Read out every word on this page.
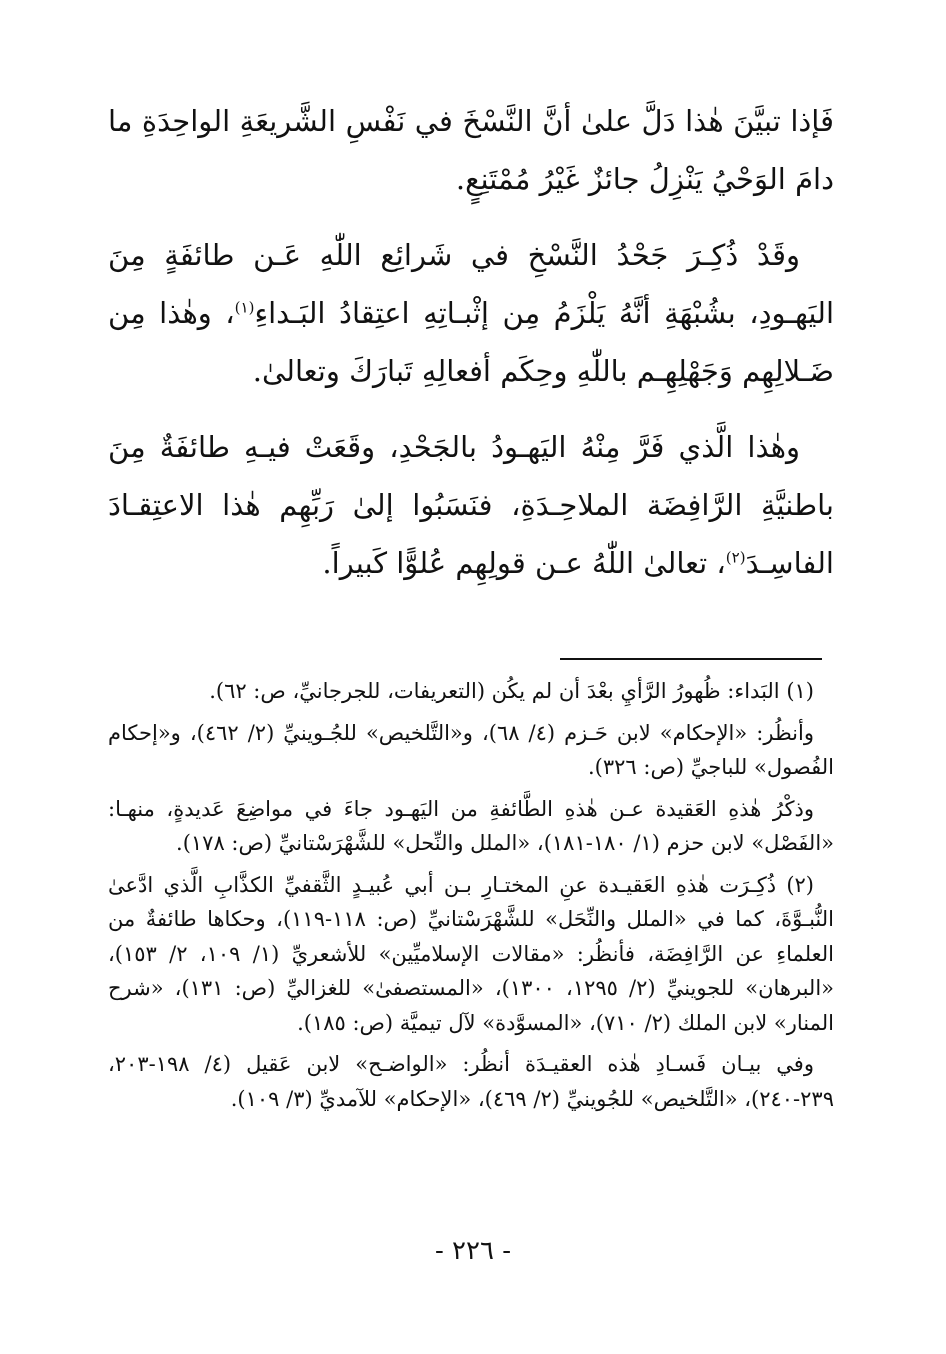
فَإذا تبيَّنَ هٰذا دَلَّ علىٰ أنَّ النَّسْخَ في نَفْسِ الشَّريعَةِ الواحِدَةِ ما دامَ الوَحْيُ يَنْزِلُ جائزٌ غَيْرُ مُمْتَنِعٍ.

وقَدْ ذُكِـرَ جَحْدُ النَّسْخِ في شَرائِع اللّٰهِ عَـن طائفَةٍ مِنَ اليَهـودِ، بشُبْهَةِ أنَّهُ يَلْزَمُ مِن إثْبـاتِهِ اعتِقادُ البَـداءِ$^{(١)}$، وهٰذا مِن ضَـلالِهِم وَجَهْلِهِـم باللّٰهِ وحِكَم أفعالِهِ تَبارَكَ وتعالىٰ.

وهٰذا الَّذي فَرَّ مِنْهُ اليَهـودُ بالجَحْدِ، وقَعَتْ فيـهِ طائفَةٌ مِنَ باطنيَّةِ الرَّافِضَة الملاحِـدَةِ، فنَسَبُوا إلىٰ رَبِّهِم هٰذا الاعتِقـادَ الفاسِـدَ$^{(٢)}$، تعالىٰ اللّٰهُ عـن قولِهِم عُلوًّا كَبيراً.

(١) البَداء: ظُهورُ الرَّأيِ بعْدَ أن لم يكُن (التعريفات، للجرجانيِّ، ص: ٦٢).

وأنظُر: «الإحكام» لابن حَـزم (٤/ ٦٨)، و«التَّلخيص» للجُـوينيِّ (٢/ ٤٦٢)، و«إحكام الفُصول» للباجيِّ (ص: ٣٢٦).

وذكْرُ هٰذهِ العَقيدة عـن هٰذهِ الطَّائفةِ من اليَهـود جاءَ في مواضِعَ عَديدةٍ، منهـا: «الفَصْل» لابن حزم (١/ ١٨٠-١٨١)، «الملل والنِّحل» للشَّهْرَسْتانيِّ (ص: ١٧٨).

(٢) ذُكِـرَت هٰذهِ العَقيـدة عنِ المختـارِ بـن أبي عُبيـدٍ الثَّقفيِّ الكذَّابِ الَّذي ادَّعىٰ النُّبـوَّةَ، كما في «الملل والنِّحَل» للشَّهْرَسْتانيِّ (ص: ١١٨-١١٩)، وحكاها طائفةٌ من العلماءِ عن الرَّافِضَة، فأنظُر: «مقالات الإسلاميِّين» للأشعريِّ (١/ ١٠٩، ٢/ ١٥٣)، «البرهان» للجوينيِّ (٢/ ١٢٩٥، ١٣٠٠)، «المستصفىٰ» للغزاليِّ (ص: ١٣١)، «شرح المنار» لابن الملك (٢/ ٧١٠)، «المسوَّدة» لآل تيميَّة (ص: ١٨٥).

وفي بيـان فَسـادِ هٰذه العقيـدَة أنظُر: «الواضـح» لابن عَقيل (٤/ ١٩٨-٢٠٣، ٢٣٩-٢٤٠)، «التَّلخيص» للجُوينيِّ (٢/ ٤٦٩)، «الإحكام» للآمديِّ (٣/ ١٠٩).

- ٢٢٦ -
